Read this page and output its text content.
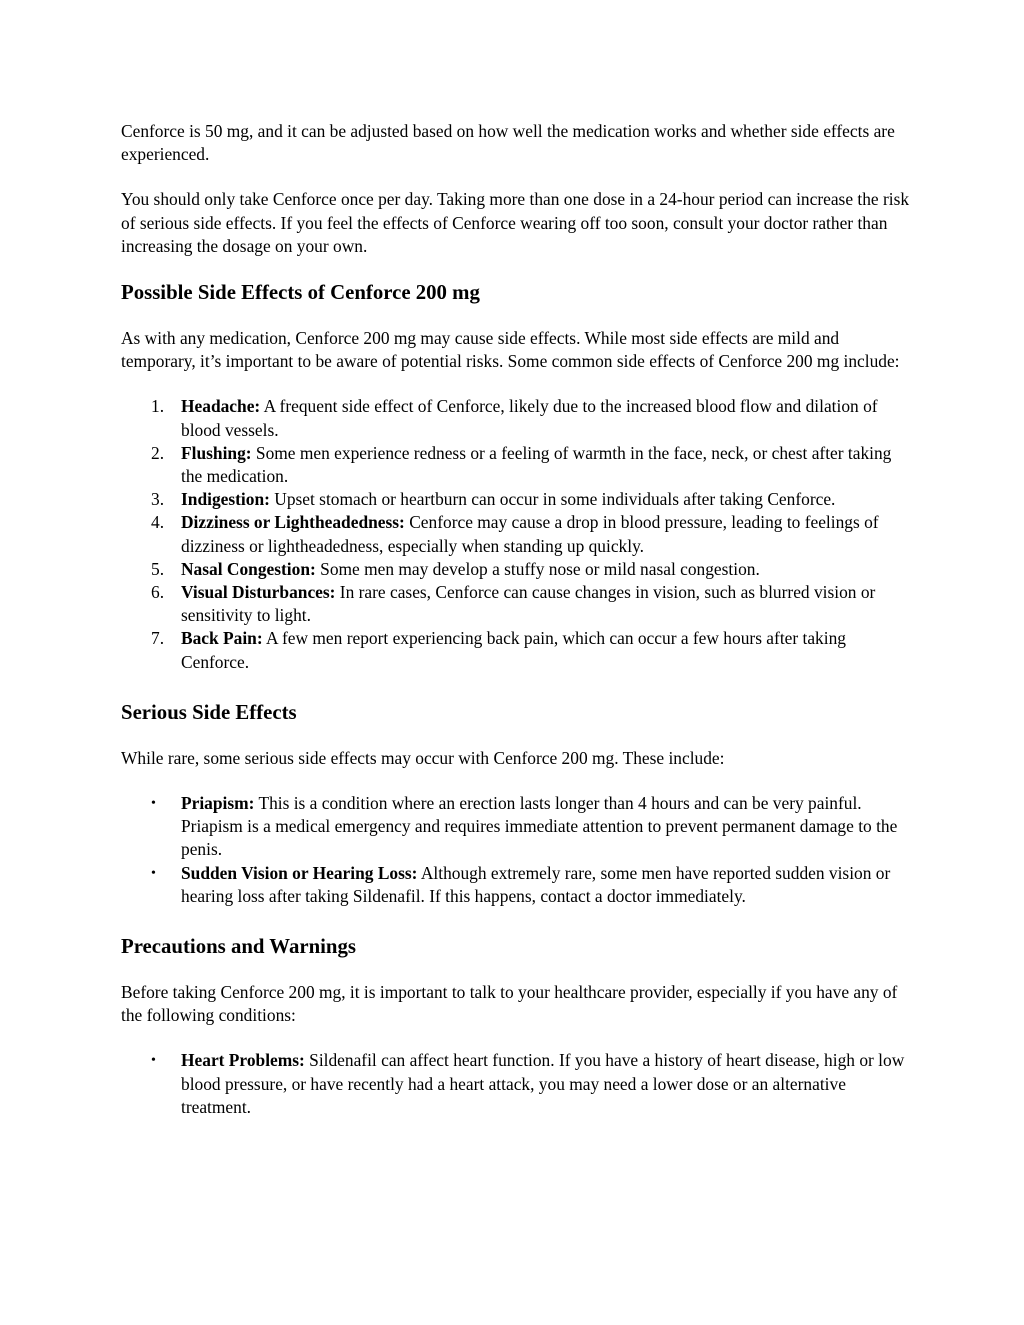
Cenforce is 50 mg, and it can be adjusted based on how well the medication works and whether side effects are experienced.

You should only take Cenforce once per day. Taking more than one dose in a 24-hour period can increase the risk of serious side effects. If you feel the effects of Cenforce wearing off too soon, consult your doctor rather than increasing the dosage on your own.

Possible Side Effects of Cenforce 200 mg

As with any medication, Cenforce 200 mg may cause side effects. While most side effects are mild and temporary, it’s important to be aware of potential risks. Some common side effects of Cenforce 200 mg include:

1. Headache: A frequent side effect of Cenforce, likely due to the increased blood flow and dilation of blood vessels.
2. Flushing: Some men experience redness or a feeling of warmth in the face, neck, or chest after taking the medication.
3. Indigestion: Upset stomach or heartburn can occur in some individuals after taking Cenforce.
4. Dizziness or Lightheadedness: Cenforce may cause a drop in blood pressure, leading to feelings of dizziness or lightheadedness, especially when standing up quickly.
5. Nasal Congestion: Some men may develop a stuffy nose or mild nasal congestion.
6. Visual Disturbances: In rare cases, Cenforce can cause changes in vision, such as blurred vision or sensitivity to light.
7. Back Pain: A few men report experiencing back pain, which can occur a few hours after taking Cenforce.
Serious Side Effects

While rare, some serious side effects may occur with Cenforce 200 mg. These include:

• Priapism: This is a condition where an erection lasts longer than 4 hours and can be very painful. Priapism is a medical emergency and requires immediate attention to prevent permanent damage to the penis.
• Sudden Vision or Hearing Loss: Although extremely rare, some men have reported sudden vision or hearing loss after taking Sildenafil. If this happens, contact a doctor immediately.
Precautions and Warnings

Before taking Cenforce 200 mg, it is important to talk to your healthcare provider, especially if you have any of the following conditions:

• Heart Problems: Sildenafil can affect heart function. If you have a history of heart disease, high or low blood pressure, or have recently had a heart attack, you may need a lower dose or an alternative treatment.
